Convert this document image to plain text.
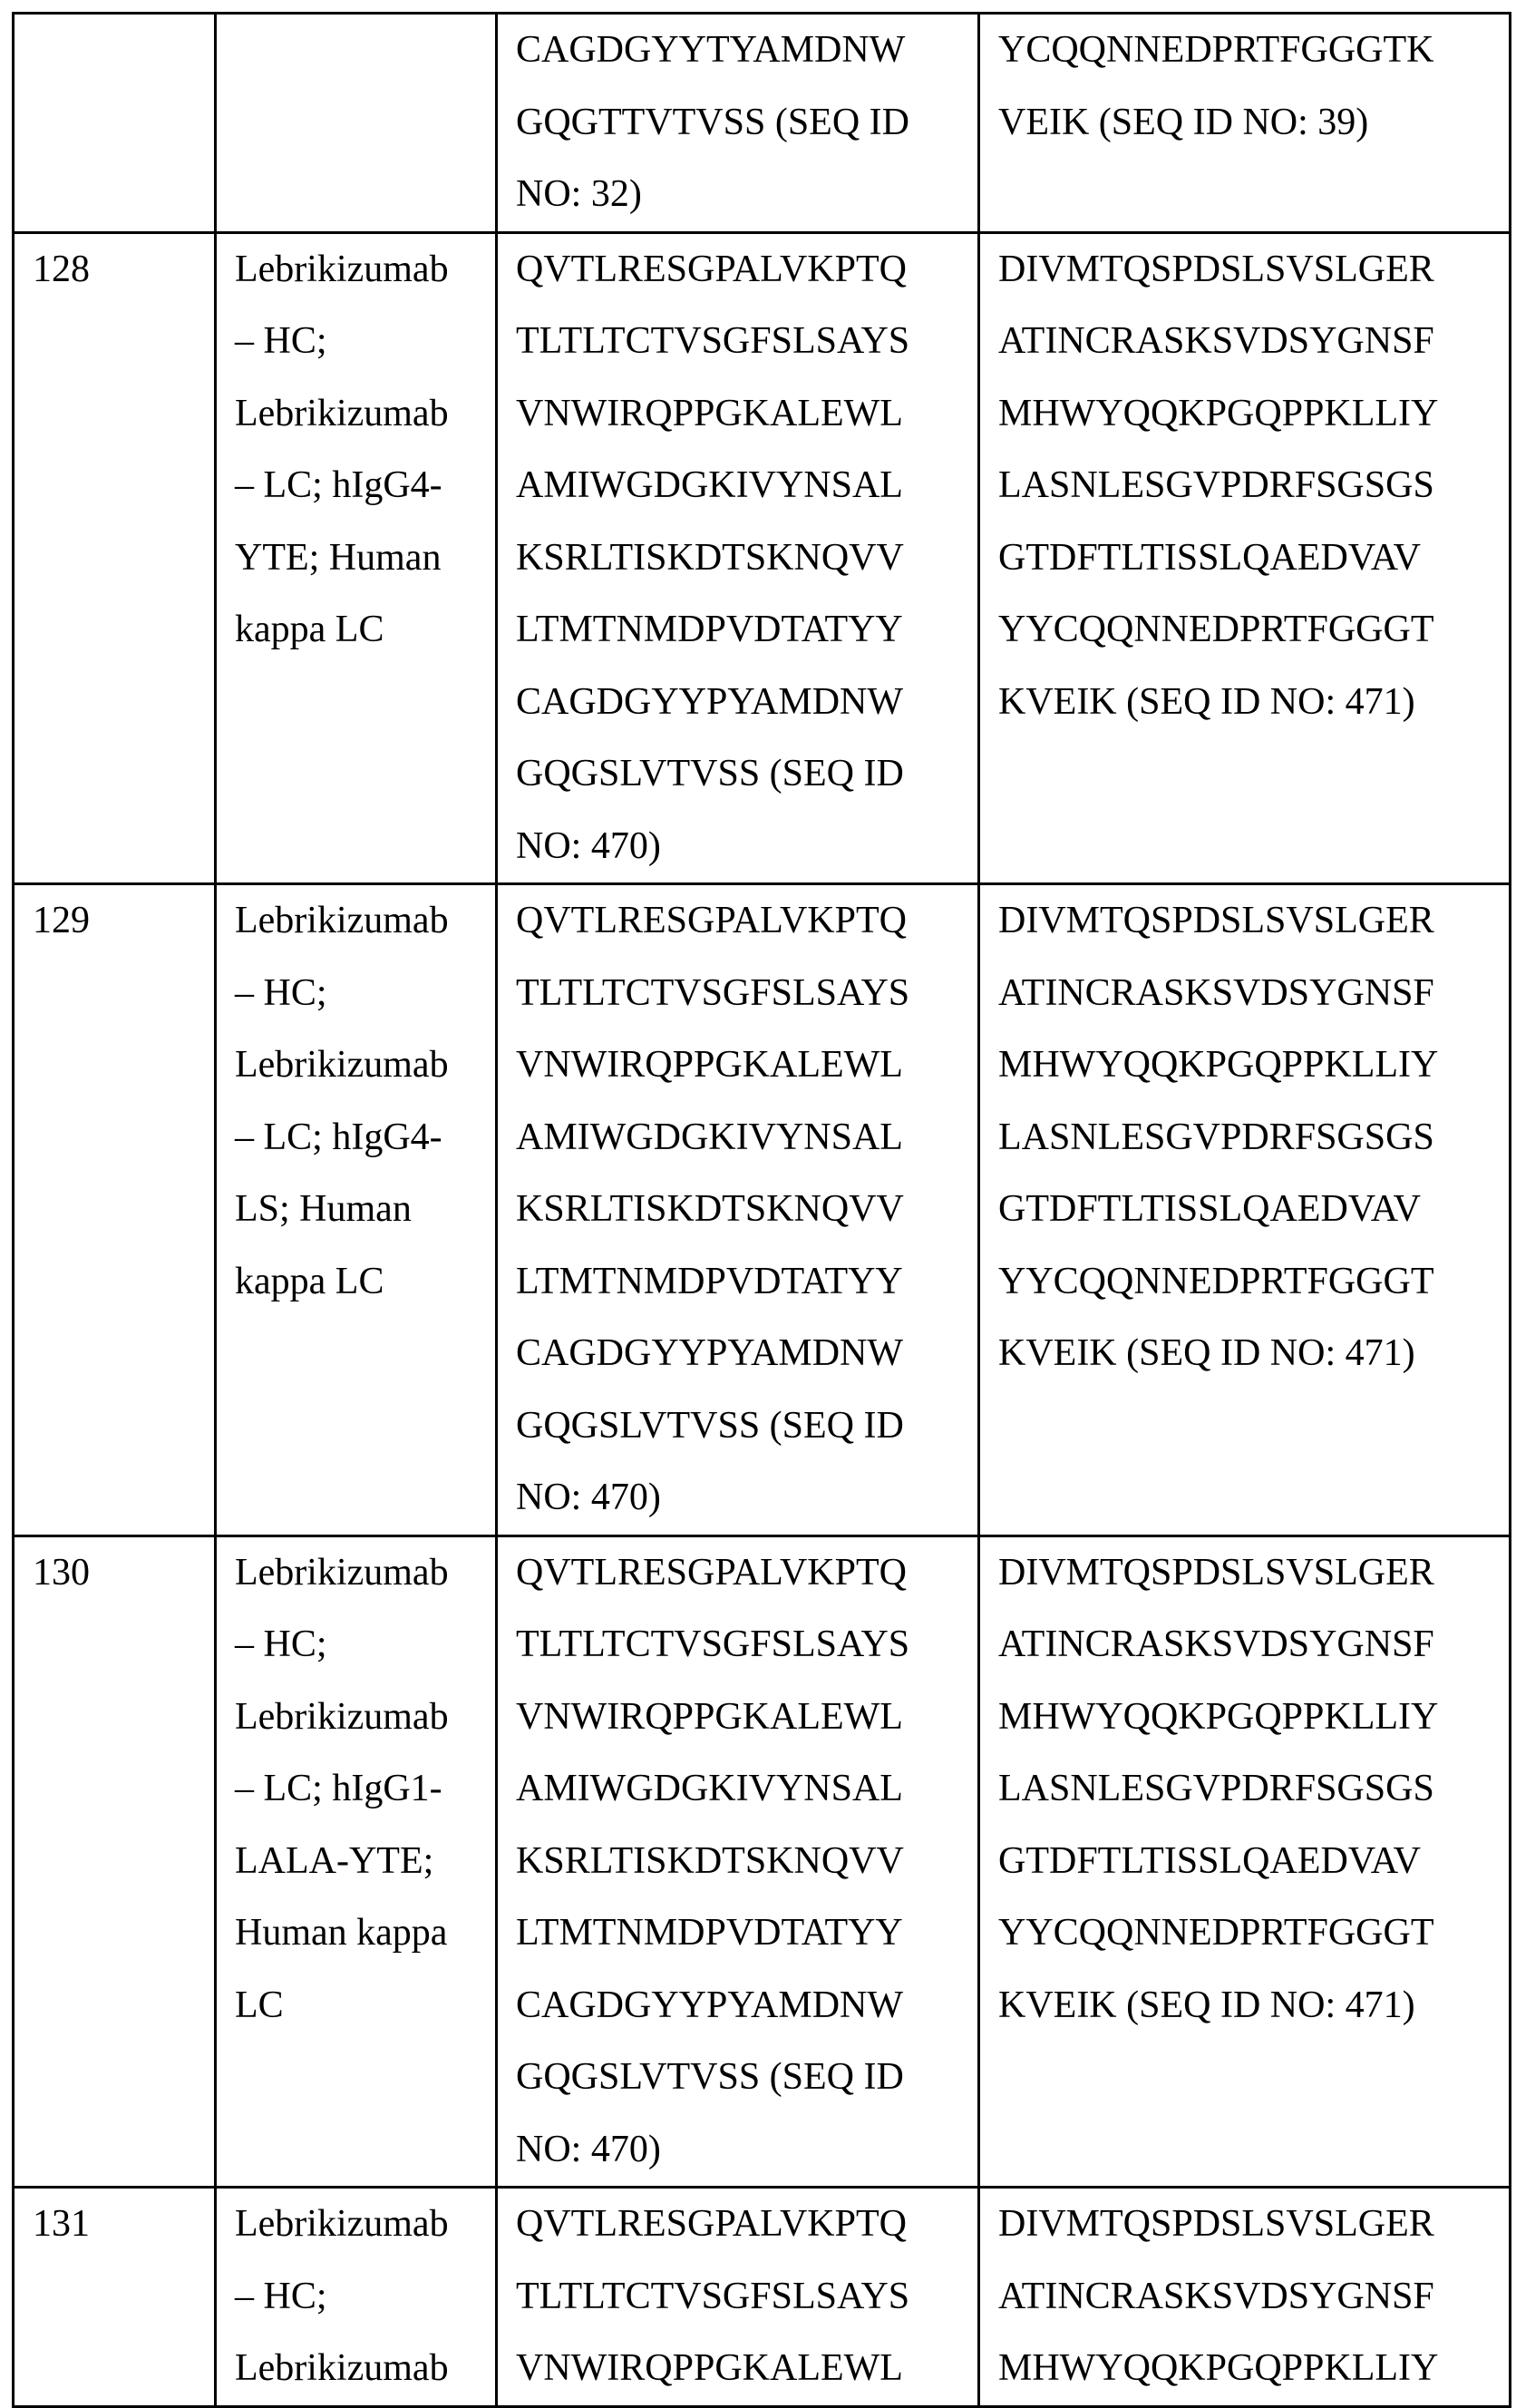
		CAGDGYYTYAMDNW
GQGTTVTVSS (SEQ ID
NO: 32)	YCQQNNEDPRTFGGGTK
VEIK (SEQ ID NO: 39)
128	Lebrikizumab
– HC;
Lebrikizumab
– LC; hIgG4-
YTE; Human
kappa LC	QVTLRESGPALVKPTQ
TLTLTCTVSGFSLSAYS
VNWIRQPPGKALEWL
AMIWGDGKIVYNSAL
KSRLTISKDTSKNQVV
LTMTNMDPVDTATYY
CAGDGYYPYAMDNW
GQGSLVTVSS (SEQ ID
NO: 470)	DIVMTQSPDSLSVSLGER
ATINCRASKSVDSYGNSF
MHWYQQKPGQPPKLLIY
LASNLESGVPDRFSGSGS
GTDFTLTISSLQAEDVAV
YYCQQNNEDPRTFGGGT
KVEIK (SEQ ID NO: 471)
129	Lebrikizumab
– HC;
Lebrikizumab
– LC; hIgG4-
LS; Human
kappa LC	QVTLRESGPALVKPTQ
TLTLTCTVSGFSLSAYS
VNWIRQPPGKALEWL
AMIWGDGKIVYNSAL
KSRLTISKDTSKNQVV
LTMTNMDPVDTATYY
CAGDGYYPYAMDNW
GQGSLVTVSS (SEQ ID
NO: 470)	DIVMTQSPDSLSVSLGER
ATINCRASKSVDSYGNSF
MHWYQQKPGQPPKLLIY
LASNLESGVPDRFSGSGS
GTDFTLTISSLQAEDVAV
YYCQQNNEDPRTFGGGT
KVEIK (SEQ ID NO: 471)
130	Lebrikizumab
– HC;
Lebrikizumab
– LC; hIgG1-
LALA-YTE;
Human kappa
LC	QVTLRESGPALVKPTQ
TLTLTCTVSGFSLSAYS
VNWIRQPPGKALEWL
AMIWGDGKIVYNSAL
KSRLTISKDTSKNQVV
LTMTNMDPVDTATYY
CAGDGYYPYAMDNW
GQGSLVTVSS (SEQ ID
NO: 470)	DIVMTQSPDSLSVSLGER
ATINCRASKSVDSYGNSF
MHWYQQKPGQPPKLLIY
LASNLESGVPDRFSGSGS
GTDFTLTISSLQAEDVAV
YYCQQNNEDPRTFGGGT
KVEIK (SEQ ID NO: 471)
131	Lebrikizumab
– HC;
Lebrikizumab	QVTLRESGPALVKPTQ
TLTLTCTVSGFSLSAYS
VNWIRQPPGKALEWL	DIVMTQSPDSLSVSLGER
ATINCRASKSVDSYGNSF
MHWYQQKPGQPPKLLIY
